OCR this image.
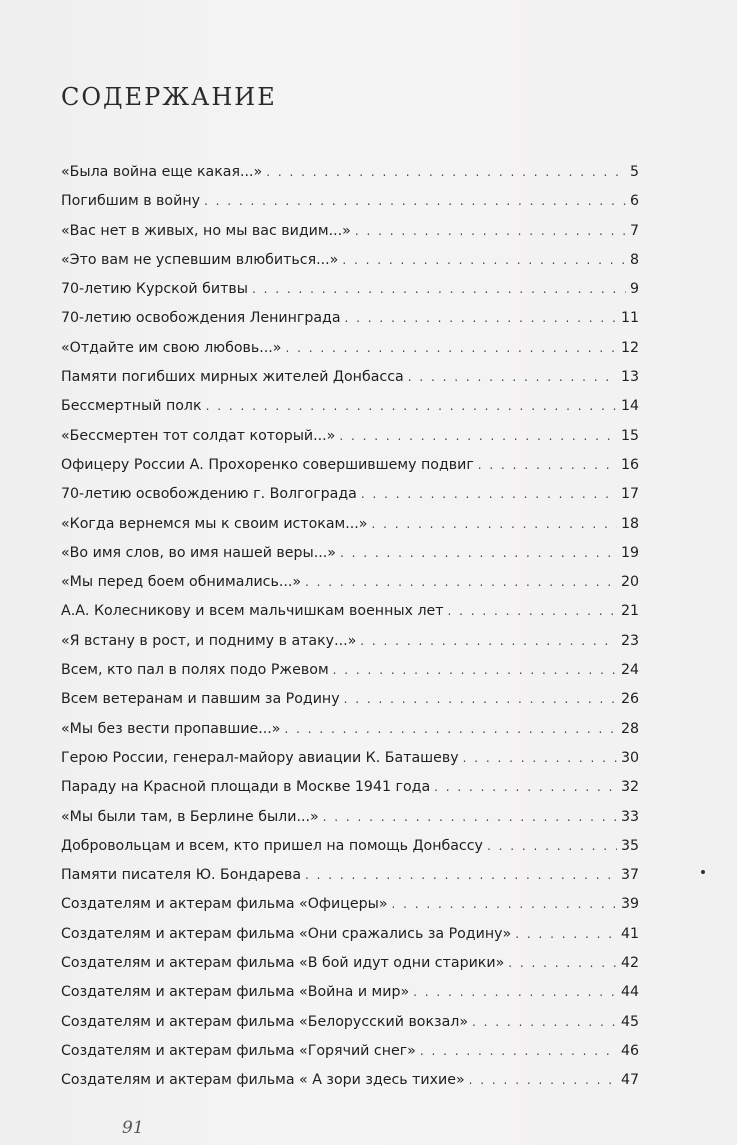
СОДЕРЖАНИЕ
«Была война еще какая...» . . .	5
Погибшим в войну . . .	6
«Вас нет в живых, но мы вас видим...» . . .	7
«Это вам не успевшим влюбиться...» . . .	8
70-летию Курской битвы . . .	9
70-летию освобождения Ленинграда . . .	11
«Отдайте им свою любовь...» . . .	12
Памяти погибших мирных жителей Донбасса . . .	13
Бессмертный полк . . .	14
«Бессмертен тот солдат который...» . . .	15
Офицеру России А. Прохоренко совершившему подвиг . . .	16
70-летию освобождению г. Волгограда . . .	17
«Когда вернемся мы к своим истокам...» . . .	18
«Во имя слов, во имя нашей веры...» . . .	19
«Мы перед боем обнимались...» . . .	20
А.А. Колесникову и всем мальчишкам военных лет . . .	21
«Я встану в рост, и подниму в атаку...» . . .	23
Всем, кто пал в полях подо Ржевом . . .	24
Всем ветеранам и павшим за Родину . . .	26
«Мы без вести пропавшие...» . . .	28
Герою России, генерал-майору авиации К. Баташеву . . .	30
Параду на Красной площади в Москве 1941 года . . .	32
«Мы были там, в Берлине были...» . . .	33
Добровольцам и всем, кто пришел на помощь Донбассу . . .	35
Памяти писателя Ю. Бондарева . . .	37
Создателям и актерам фильма «Офицеры» . . .	39
Создателям и актерам фильма «Они сражались за Родину» . . .	41
Создателям и актерам фильма «В бой идут одни старики» . . .	42
Создателям и актерам фильма «Война и мир» . . .	44
Создателям и актерам фильма «Белорусский вокзал» . . .	45
Создателям и актерам фильма «Горячий снег» . . .	46
Создателям и актерам фильма « А зори здесь тихие» . . .	47
91
